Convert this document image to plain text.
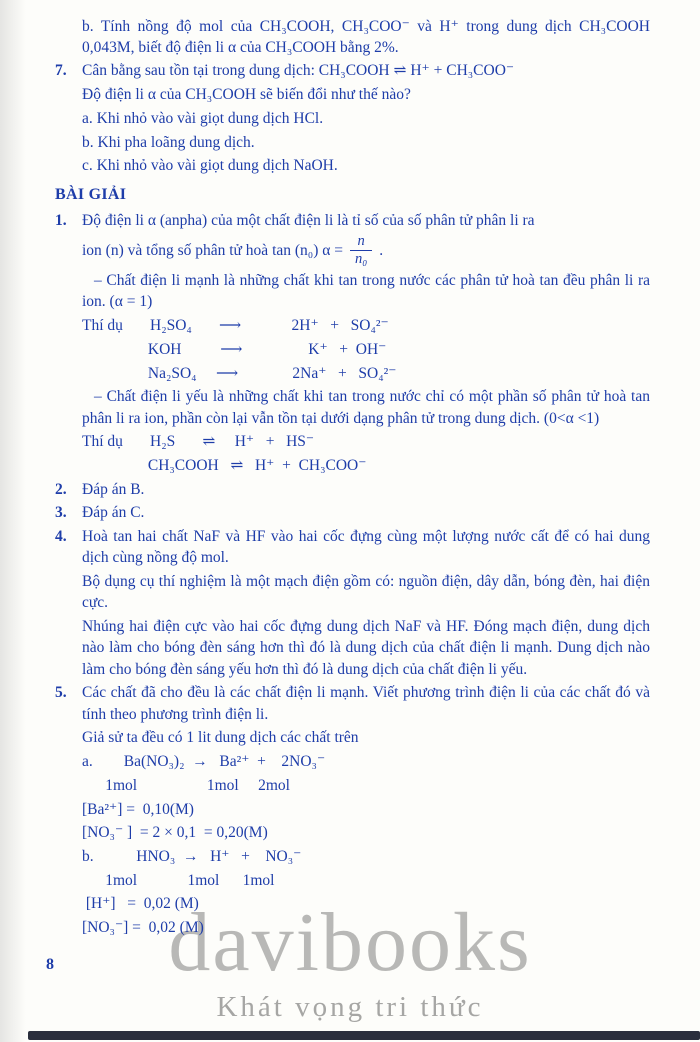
b. Tính nồng độ mol của CH₃COOH, CH₃COO⁻ và H⁺ trong dung dịch CH₃COOH 0,043M, biết độ điện li α của CH₃COOH bằng 2%.
7. Cân bằng sau tồn tại trong dung dịch: CH₃COOH ⇌ H⁺ + CH₃COO⁻
Độ điện li α của CH₃COOH sẽ biến đổi như thế nào?
a. Khi nhỏ vào vài giọt dung dịch HCl.
b. Khi pha loãng dung dịch.
c. Khi nhỏ vào vài giọt dung dịch NaOH.
BÀI GIẢI
1. Độ điện li α (anpha) của một chất điện li là tỉ số của số phân tử phân li ra
ion (n) và tổng số phân tử hoà tan (n₀) $\alpha = \frac{n}{\text{n₀}}$ .
– Chất điện li mạnh là những chất khi tan trong nước các phân tử hoà tan đều phân li ra ion. (α = 1)
Thí dụ       H₂SO₄       ⟶             2H⁺   +   SO₄²⁻
KOH          ⟶                 K⁺   +  OH⁻
Na₂SO₄     ⟶              2Na⁺   +   SO₄²⁻
– Chất điện li yếu là những chất khi tan trong nước chỉ có một phần số phân tử hoà tan phân li ra ion, phần còn lại vẫn tồn tại dưới dạng phân tử trong dung dịch. (0<α <1)
Thí dụ       H₂S       ⇌     H⁺   +   HS⁻
CH₃COOH   ⇌   H⁺  +  CH₃COO⁻
2. Đáp án B.
3. Đáp án C.
4. Hoà tan hai chất NaF và HF vào hai cốc đựng cùng một lượng nước cất để có hai dung dịch cùng nồng độ mol.
Bộ dụng cụ thí nghiệm là một mạch điện gồm có: nguồn điện, dây dẫn, bóng đèn, hai điện cực.
Nhúng hai điện cực vào hai cốc đựng dung dịch NaF và HF. Đóng mạch điện, dung dịch nào làm cho bóng đèn sáng hơn thì đó là dung dịch của chất điện li mạnh. Dung dịch nào làm cho bóng đèn sáng yếu hơn thì đó là dung dịch của chất điện li yếu.
5. Các chất đã cho đều là các chất điện li mạnh. Viết phương trình điện li của các chất đó và tính theo phương trình điện li.
Giả sử ta đều có 1 lit dung dịch các chất trên
a.        Ba(NO₃)₂  →   Ba²⁺  +    2NO₃⁻
1mol                  1mol     2mol
[Ba²⁺] =  0,10(M)
[NO₃⁻ ]  = 2 × 0,1  = 0,20(M)
b.           HNO₃  →   H⁺   +    NO₃⁻
1mol             1mol      1mol
[H⁺]   =  0,02 (M)
[NO₃⁻] =  0,02 (M)
davibooks
Khát vọng tri thức
8
